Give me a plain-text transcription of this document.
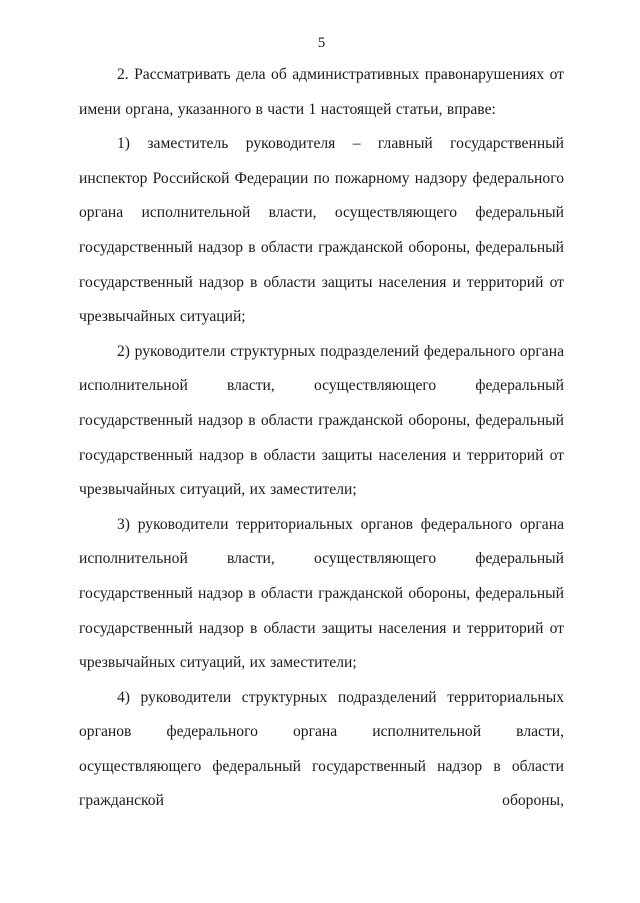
5

2. Рассматривать дела об административных правонарушениях от имени органа, указанного в части 1 настоящей статьи, вправе:

1) заместитель руководителя – главный государственный инспектор Российской Федерации по пожарному надзору федерального органа исполнительной власти, осуществляющего федеральный государственный надзор в области гражданской обороны, федеральный государственный надзор в области защиты населения и территорий от чрезвычайных ситуаций;

2) руководители структурных подразделений федерального органа исполнительной власти, осуществляющего федеральный государственный надзор в области гражданской обороны, федеральный государственный надзор в области защиты населения и территорий от чрезвычайных ситуаций, их заместители;

3) руководители территориальных органов федерального органа исполнительной власти, осуществляющего федеральный государственный надзор в области гражданской обороны, федеральный государственный надзор в области защиты населения и территорий от чрезвычайных ситуаций, их заместители;

4) руководители структурных подразделений территориальных органов федерального органа исполнительной власти, осуществляющего федеральный государственный надзор в области гражданской обороны,
